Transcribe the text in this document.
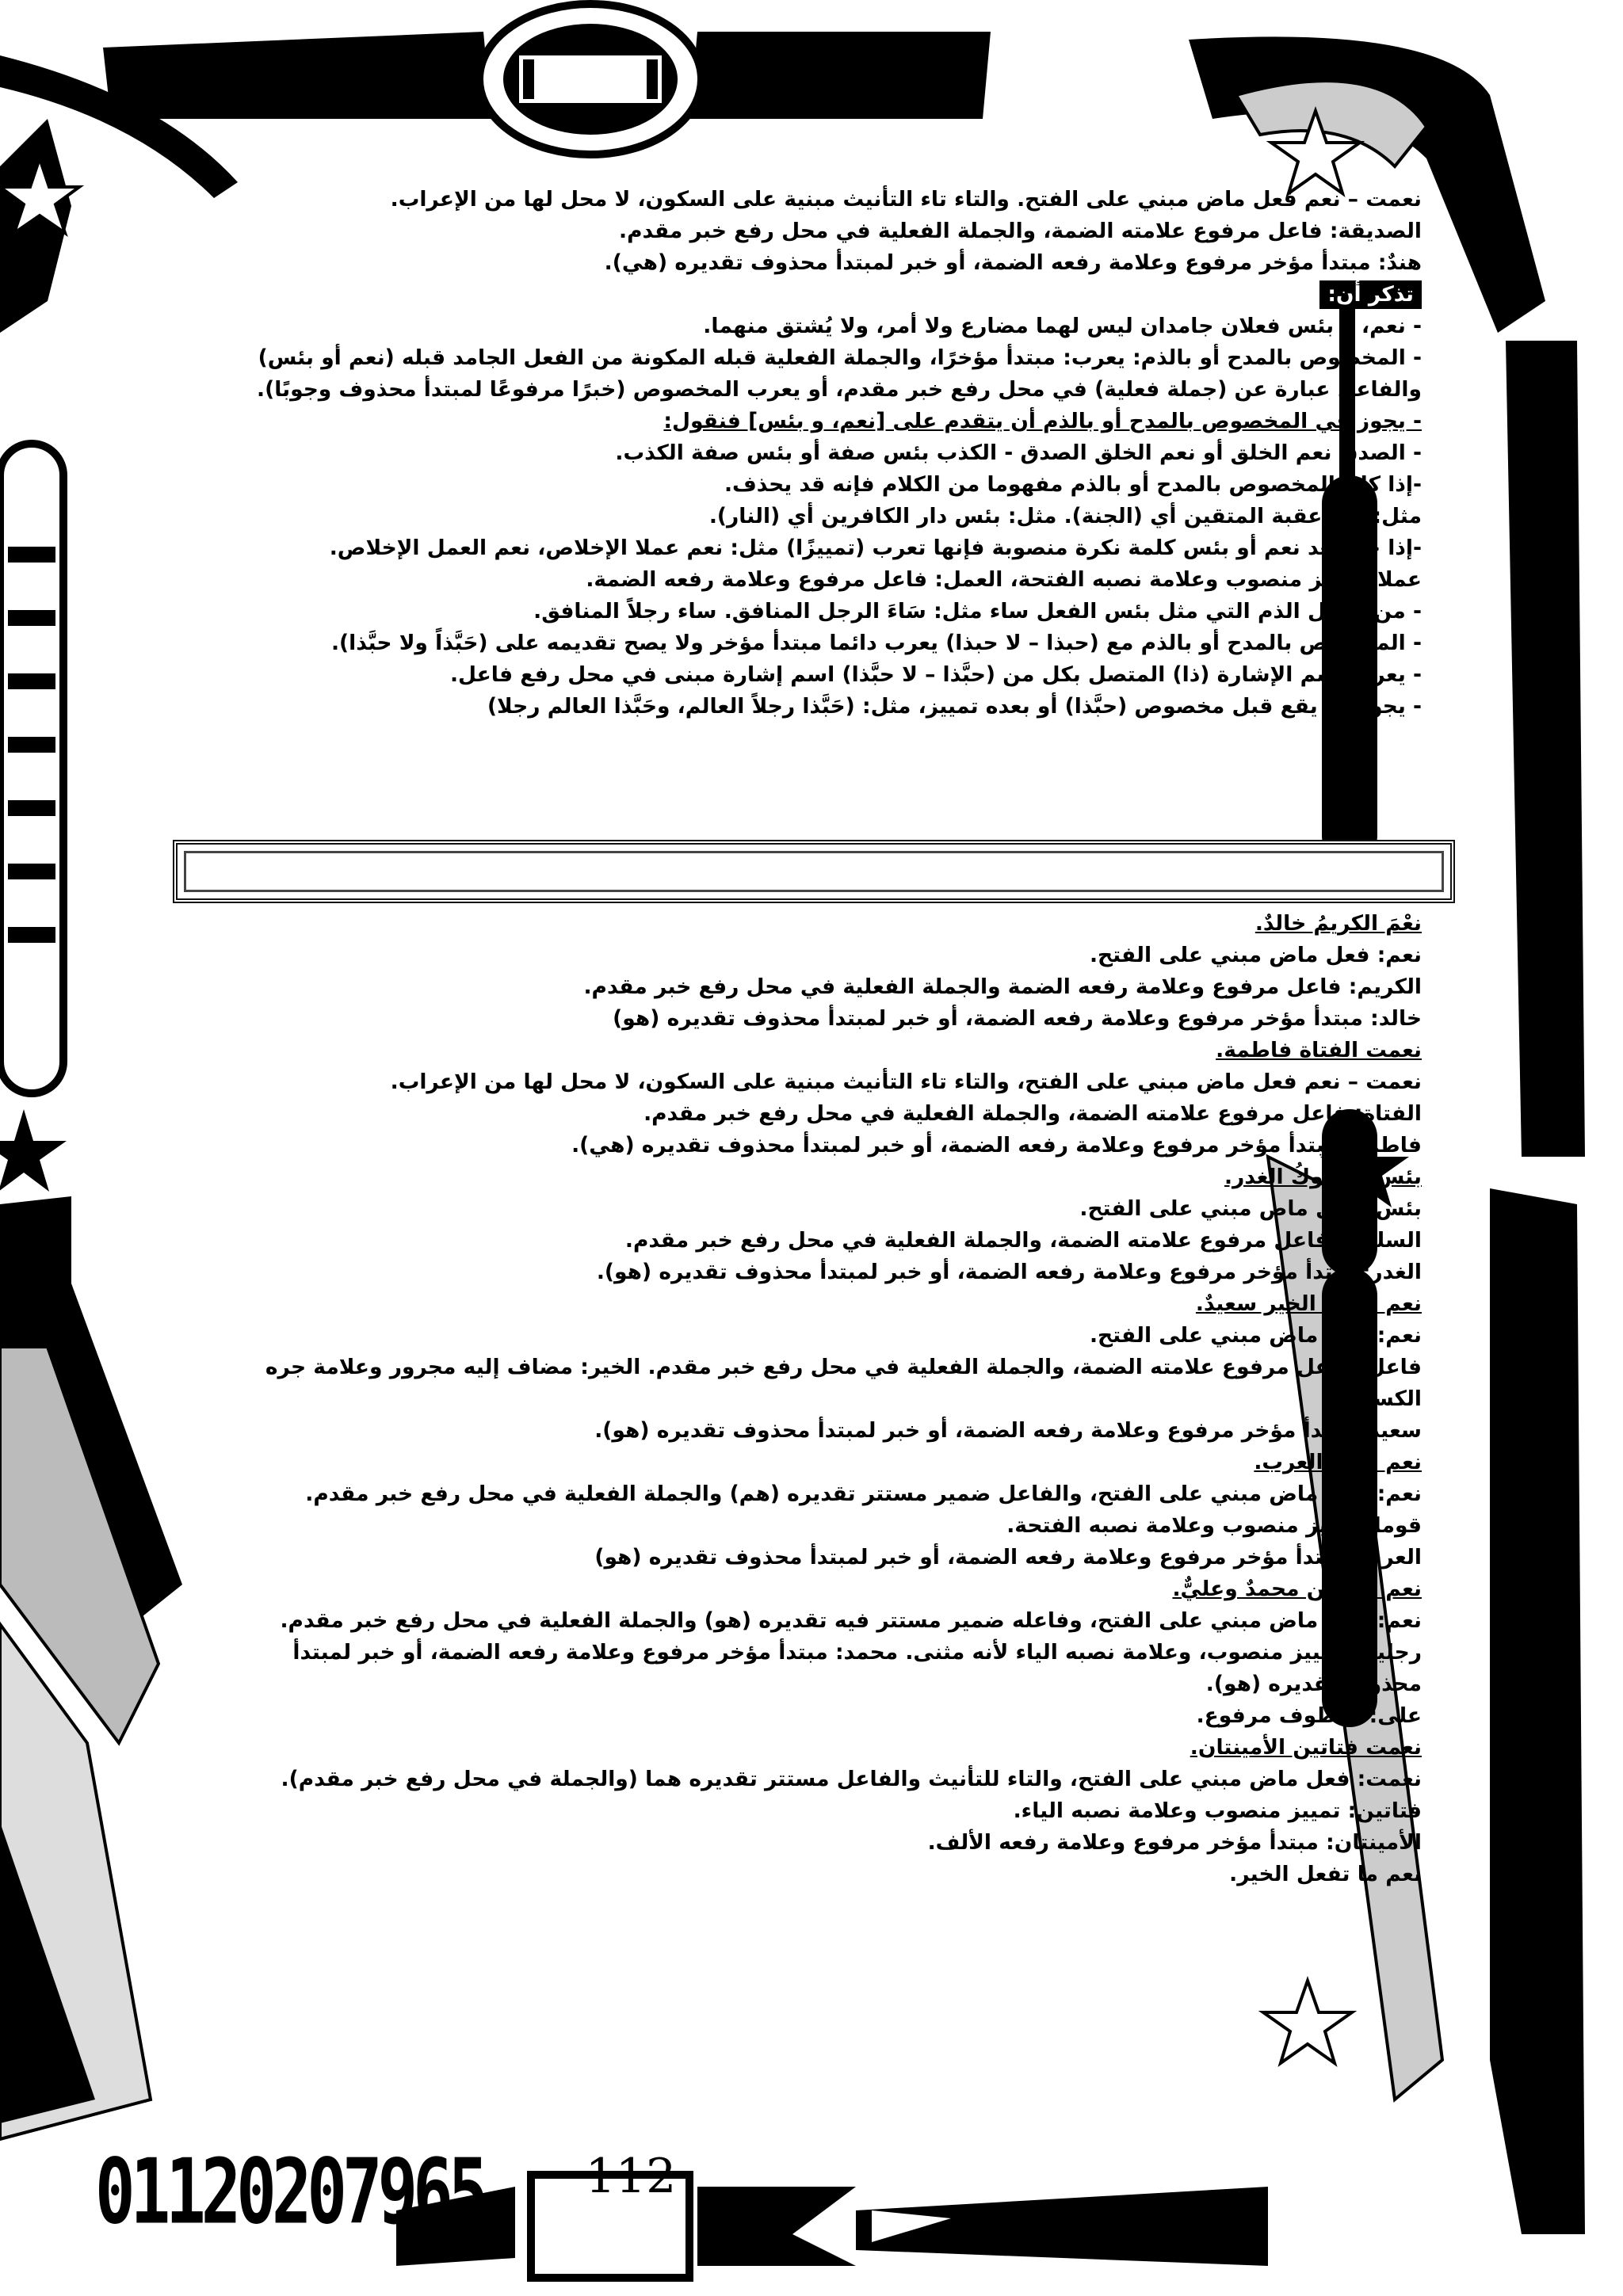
نعمت – نعم فعل ماض مبني على الفتح. والتاء تاء التأنيث مبنية على السكون، لا محل لها من الإعراب.
الصديقة: فاعل مرفوع علامته الضمة، والجملة الفعلية في محل رفع خبر مقدم.
هندٌ: مبتدأ مؤخر مرفوع وعلامة رفعه الضمة، أو خبر لمبتدأ محذوف تقديره (هي).
تذكر أن:
- نعم، و بئس فعلان جامدان ليس لهما مضارع ولا أمر، ولا يُشتق منهما.
- المخصوص بالمدح أو بالذم: يعرب: مبتدأ مؤخرًا، والجملة الفعلية قبله المكونة من الفعل الجامد قبله (نعم أو بئس)
والفاعل عبارة عن (جملة فعلية) في محل رفع خبر مقدم، أو يعرب المخصوص (خبرًا مرفوعًا لمبتدأ محذوف وجوبًا).
- يجوز في المخصوص بالمدح أو بالذم أن يتقدم على [نعم، و بئس] فنقول:
- الصدق نعم الخلق أو نعم الخلق الصدق - الكذب بئس صفة أو بئس صفة الكذب.
-إذا كان المخصوص بالمدح أو بالذم مفهوما من الكلام فإنه قد يحذف.
مثل: نعم عقبة المتقين أي (الجنة). مثل: بئس دار الكافرين أي (النار).
-إذا جاء بعد نعم أو بئس كلمة نكرة منصوبة فإنها تعرب (تمييزًا) مثل: نعم عملا الإخلاص، نعم العمل الإخلاص.
عملا: تمييز منصوب وعلامة نصبه الفتحة، العمل: فاعل مرفوع وعلامة رفعه الضمة.
- من أفعال الذم التي مثل بئس الفعل ساء مثل: سَاءَ الرجل المنافق. ساء رجلاً المنافق.
- المخصوص بالمدح أو بالذم مع (حبذا – لا حبذا) يعرب دائما مبتدأ مؤخر ولا يصح تقديمه على (حَبَّذاً ولا حبَّذا).
- يعرب اسم الإشارة (ذا) المتصل بكل من (حبَّذا – لا حبَّذا) اسم إشارة مبنى في محل رفع فاعل.
- يجوز أن يقع قبل مخصوص (حبَّذا) أو بعده تمييز، مثل: (حَبَّذا رجلاً العالم، وحَبَّذا العالم رجلا)
نعْمَ الكريمُ خالدٌ.
نعم: فعل ماض مبني على الفتح.
الكريم: فاعل مرفوع وعلامة رفعه الضمة والجملة الفعلية في محل رفع خبر مقدم.
خالد: مبتدأ مؤخر مرفوع وعلامة رفعه الضمة، أو خبر لمبتدأ محذوف تقديره (هو)
نعمت الفتاة فاطمة.
نعمت – نعم فعل ماض مبني على الفتح، والتاء تاء التأنيث مبنية على السكون، لا محل لها من الإعراب.
الفتاة: فاعل مرفوع علامته الضمة، والجملة الفعلية في محل رفع خبر مقدم.
فاطمة: مبتدأ مؤخر مرفوع وعلامة رفعه الضمة، أو خبر لمبتدأ محذوف تقديره (هي).
بئس السلوكُ الغدر.
بئس: فعل ماض مبني على الفتح.
السلوكُ: فاعل مرفوع علامته الضمة، والجملة الفعلية في محل رفع خبر مقدم.
الغدر: مبتدأ مؤخر مرفوع وعلامة رفعه الضمة، أو خبر لمبتدأ محذوف تقديره (هو).
نعم فاعلُ الخير سعيدٌ.
نعم: فعل ماض مبني على الفتح.
فاعل: فاعل مرفوع علامته الضمة، والجملة الفعلية في محل رفع خبر مقدم. الخير: مضاف إليه مجرور وعلامة جره
الكسرة.
سعيد: مبتدأ مؤخر مرفوع وعلامة رفعه الضمة، أو خبر لمبتدأ محذوف تقديره (هو).
نعم قوماً العرب.
نعم: فعل ماض مبني على الفتح، والفاعل ضمير مستتر تقديره (هم) والجملة الفعلية في محل رفع خبر مقدم.
قوما: تمييز منصوب وعلامة نصبه الفتحة.
العرب: مبتدأ مؤخر مرفوع وعلامة رفعه الضمة، أو خبر لمبتدأ محذوف تقديره (هو)
نعم طالبين محمدٌ وعليٌّ.
نعم: فعل ماض مبني على الفتح، وفاعله ضمير مستتر فيه تقديره (هو) والجملة الفعلية في محل رفع خبر مقدم.
رجلين: تمييز منصوب، وعلامة نصبه الياء لأنه مثنى. محمد: مبتدأ مؤخر مرفوع وعلامة رفعه الضمة، أو خبر لمبتدأ
محذوف تقديره (هو).
على: معطوف مرفوع.
نعمت فتاتين الأمينتان.
نعمت: فعل ماض مبني على الفتح، والتاء للتأنيث والفاعل مستتر تقديره هما (والجملة في محل رفع خبر مقدم).
فتاتين: تمييز منصوب وعلامة نصبه الياء.
الأمينتان: مبتدأ مؤخر مرفوع وعلامة رفعه الألف.
نعم ما تفعل الخير.
01120207965 112
